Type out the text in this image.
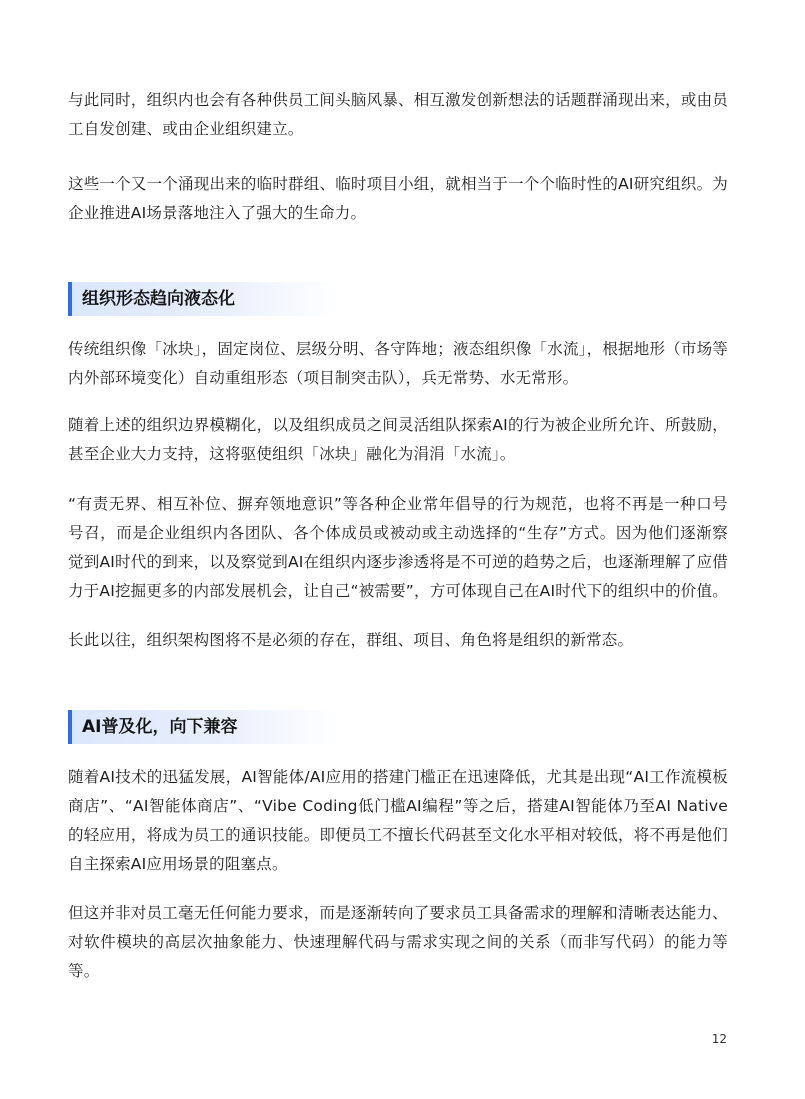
与此同时，组织内也会有各种供员工间头脑风暴、相互激发创新想法的话题群涌现出来，或由员工自发创建、或由企业组织建立。

这些一个又一个涌现出来的临时群组、临时项目小组，就相当于一个个临时性的AI研究组织。为企业推进AI场景落地注入了强大的生命力。

组织形态趋向液态化

传统组织像「冰块」，固定岗位、层级分明、各守阵地；液态组织像「水流」，根据地形（市场等内外部环境变化）自动重组形态（项目制突击队），兵无常势、水无常形。

随着上述的组织边界模糊化，以及组织成员之间灵活组队探索AI的行为被企业所允许、所鼓励，甚至企业大力支持，这将驱使组织「冰块」融化为涓涓「水流」。

“有责无界、相互补位、摒弃领地意识”等各种企业常年倡导的行为规范，也将不再是一种口号号召，而是企业组织内各团队、各个体成员或被动或主动选择的“生存”方式。因为他们逐渐察觉到AI时代的到来，以及察觉到AI在组织内逐步渗透将是不可逆的趋势之后，也逐渐理解了应借力于AI挖掘更多的内部发展机会，让自己“被需要”，方可体现自己在AI时代下的组织中的价值。

长此以往，组织架构图将不是必须的存在，群组、项目、角色将是组织的新常态。

AI普及化，向下兼容

随着AI技术的迅猛发展，AI智能体/AI应用的搭建门槛正在迅速降低，尤其是出现“AI工作流模板商店”、“AI智能体商店”、“Vibe Coding低门槛AI编程”等之后，搭建AI智能体乃至AI Native的轻应用，将成为员工的通识技能。即便员工不擅长代码甚至文化水平相对较低，将不再是他们自主探索AI应用场景的阻塞点。

但这并非对员工毫无任何能力要求，而是逐渐转向了要求员工具备需求的理解和清晰表达能力、对软件模块的高层次抽象能力、快速理解代码与需求实现之间的关系（而非写代码）的能力等等。

12
